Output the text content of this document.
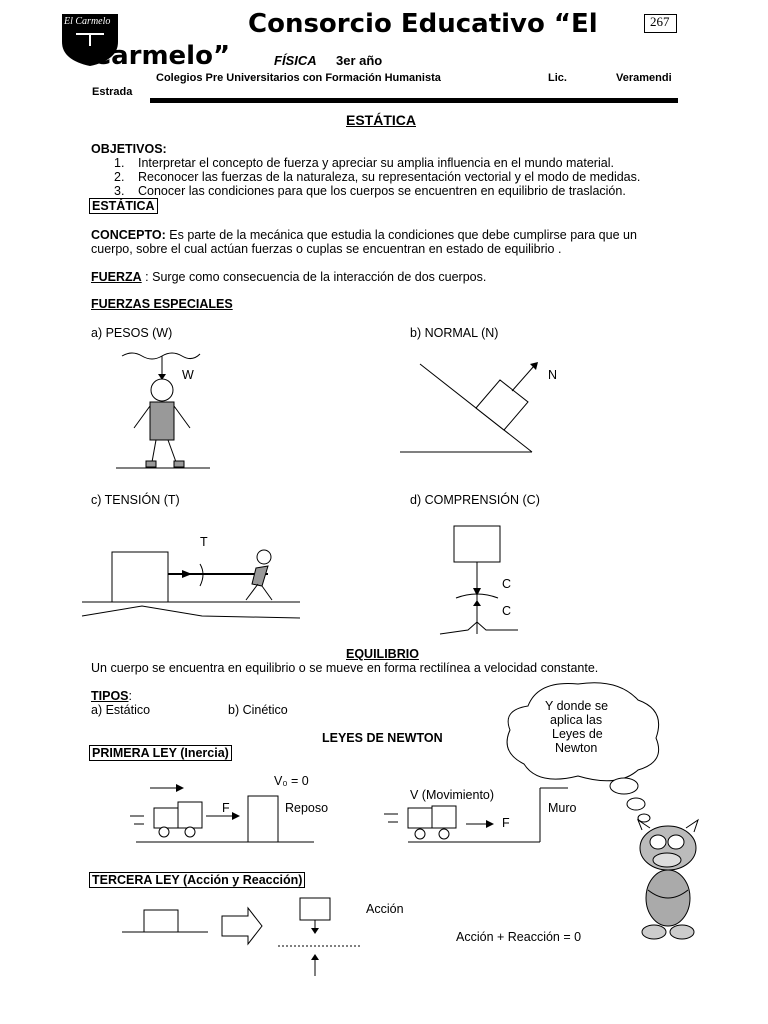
El Carmelo	267
Consorcio Educativo “El
Carmelo”	FÍSICA 3er año
Colegios Pre Universitarios con Formación Humanista	Lic.	Veramendi
Estrada
ESTÁTICA
OBJETIVOS:
1. Interpretar el concepto de fuerza y apreciar su amplia influencia en el mundo material.
2. Reconocer las fuerzas de la naturaleza, su representación vectorial y el modo de medidas.
3. Conocer las condiciones para que los cuerpos se encuentren en equilibrio de traslación.
ESTÁTICA
CONCEPTO: Es parte de la mecánica que estudia la condiciones que debe cumplirse para que un
cuerpo, sobre el cual actúan fuerzas o cuplas se encuentran en estado de equilibrio .
FUERZA : Surge como consecuencia de la interacción de dos cuerpos.
FUERZAS ESPECIALES
a) PESOS (W)	b) NORMAL (N)
W	N
c) TENSIÓN (T)	d) COMPRENSIÓN (C)
T
C
C
EQUILIBRIO
Un cuerpo se encuentra en equilibrio o se mueve en forma rectilínea a velocidad constante.
TIPOS:
a) Estático	b) Cinético
LEYES DE NEWTON
Y donde se
aplica las
Leyes de
Newton
PRIMERA LEY (Inercia)
V₀ = 0
F	Reposo
V (Movimiento)
Muro
F
TERCERA LEY (Acción y Reacción)
Acción
Acción + Reacción = 0
